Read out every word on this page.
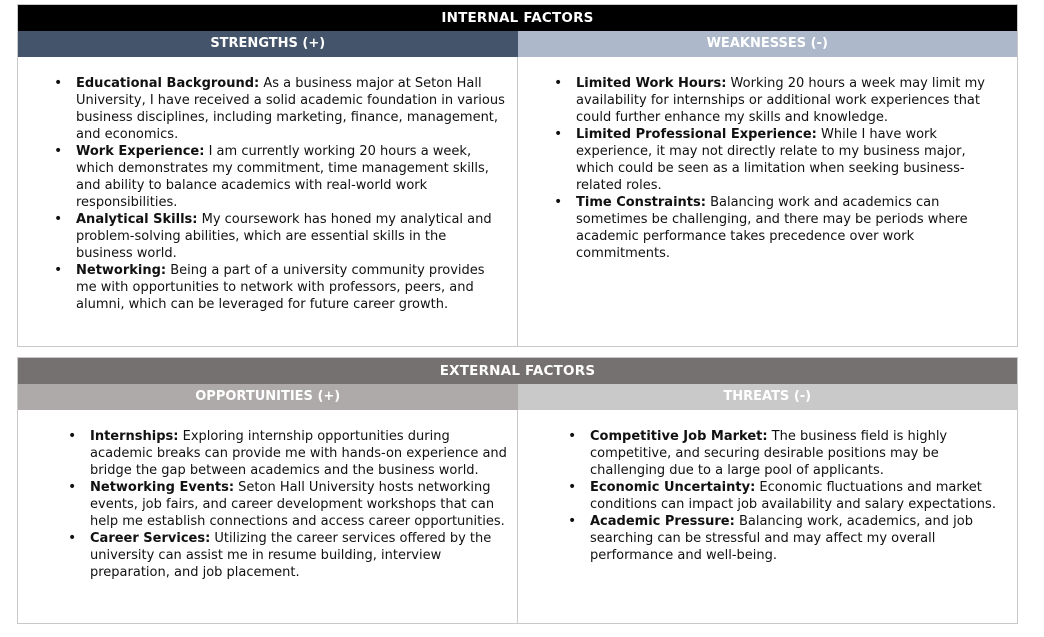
INTERNAL FACTORS
STRENGTHS (+)	WEAKNESSES (-)
• Educational Background: As a business major at Seton Hall University, I have received a solid academic foundation in various business disciplines, including marketing, finance, management, and economics.
• Work Experience: I am currently working 20 hours a week, which demonstrates my commitment, time management skills, and ability to balance academics with real-world work responsibilities.
• Analytical Skills: My coursework has honed my analytical and problem-solving abilities, which are essential skills in the business world.
• Networking: Being a part of a university community provides me with opportunities to network with professors, peers, and alumni, which can be leveraged for future career growth.
• Limited Work Hours: Working 20 hours a week may limit my availability for internships or additional work experiences that could further enhance my skills and knowledge.
• Limited Professional Experience: While I have work experience, it may not directly relate to my business major, which could be seen as a limitation when seeking business-related roles.
• Time Constraints: Balancing work and academics can sometimes be challenging, and there may be periods where academic performance takes precedence over work commitments.
EXTERNAL FACTORS
OPPORTUNITIES (+)	THREATS (-)
• Internships: Exploring internship opportunities during academic breaks can provide me with hands-on experience and bridge the gap between academics and the business world.
• Networking Events: Seton Hall University hosts networking events, job fairs, and career development workshops that can help me establish connections and access career opportunities.
• Career Services: Utilizing the career services offered by the university can assist me in resume building, interview preparation, and job placement.
• Competitive Job Market: The business field is highly competitive, and securing desirable positions may be challenging due to a large pool of applicants.
• Economic Uncertainty: Economic fluctuations and market conditions can impact job availability and salary expectations.
• Academic Pressure: Balancing work, academics, and job searching can be stressful and may affect my overall performance and well-being.
